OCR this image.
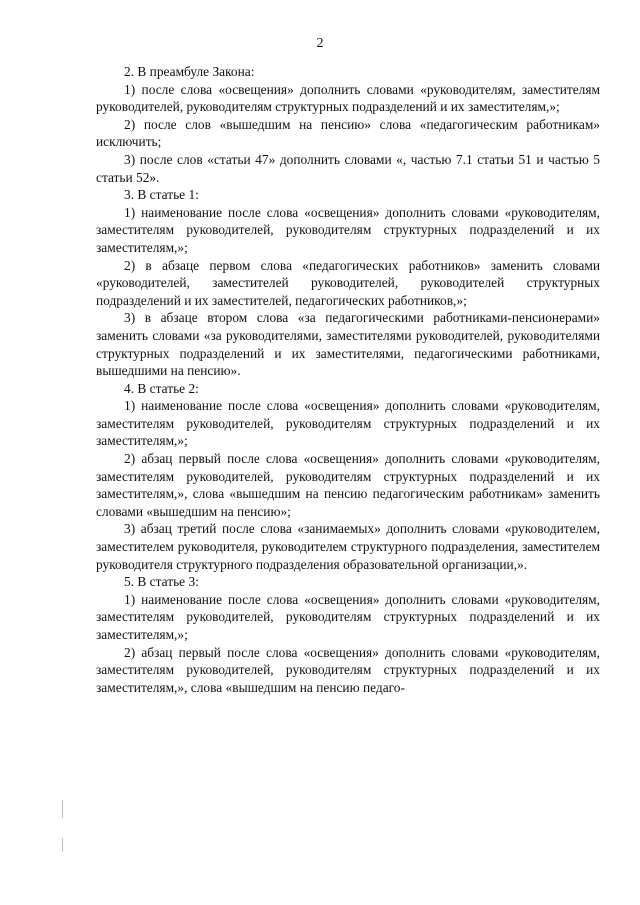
2

2. В преамбуле Закона:

1) после слова «освещения» дополнить словами «руководителям, заместителям руководителей, руководителям структурных подразделений и их заместителям,»;

2) после слов «вышедшим на пенсию» слова «педагогическим работникам» исключить;

3) после слов «статьи 47» дополнить словами «, частью 7.1 статьи 51 и частью 5 статьи 52».

3. В статье 1:

1) наименование после слова «освещения» дополнить словами «руководителям, заместителям руководителей, руководителям структурных подразделений и их заместителям,»;

2) в абзаце первом слова «педагогических работников» заменить словами «руководителей, заместителей руководителей, руководителей структурных подразделений и их заместителей, педагогических работников,»;

3) в абзаце втором слова «за педагогическими работниками-пенсионерами» заменить словами «за руководителями, заместителями руководителей, руководителями структурных подразделений и их заместителями, педагогическими работниками, вышедшими на пенсию».

4. В статье 2:

1) наименование после слова «освещения» дополнить словами «руководителям, заместителям руководителей, руководителям структурных подразделений и их заместителям,»;

2) абзац первый после слова «освещения» дополнить словами «руководителям, заместителям руководителей, руководителям структурных подразделений и их заместителям,», слова «вышедшим на пенсию педагогическим работникам» заменить словами «вышедшим на пенсию»;

3) абзац третий после слова «занимаемых» дополнить словами «руководителем, заместителем руководителя, руководителем структурного подразделения, заместителем руководителя структурного подразделения образовательной организации,».

5. В статье 3:

1) наименование после слова «освещения» дополнить словами «руководителям, заместителям руководителей, руководителям структурных подразделений и их заместителям,»;

2) абзац первый после слова «освещения» дополнить словами «руководителям, заместителям руководителей, руководителям структурных подразделений и их заместителям,», слова «вышедшим на пенсию педаго-
